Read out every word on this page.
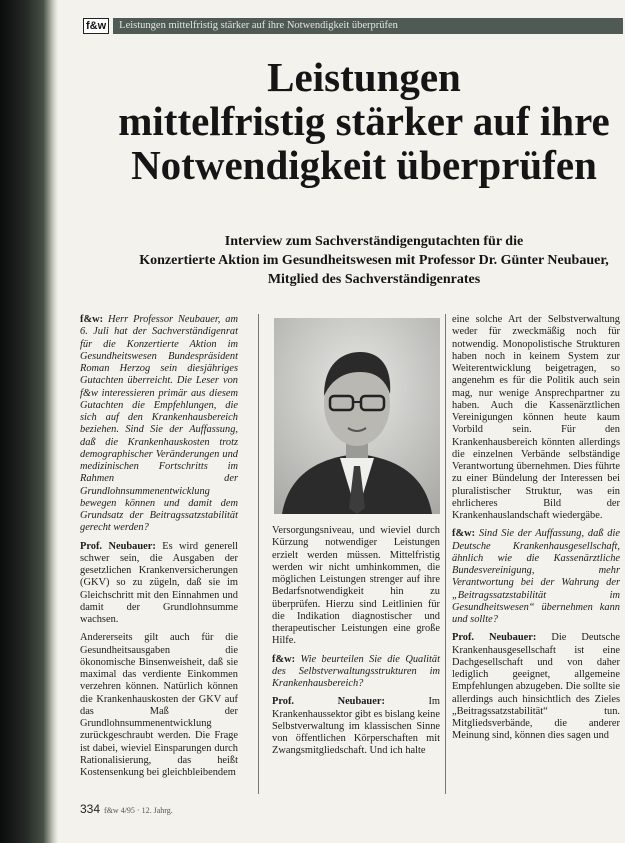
f&w	Leistungen mittelfristig stärker auf ihre Notwendigkeit überprüfen
Leistungen
mittelfristig stärker auf ihre
Notwendigkeit überprüfen
Interview zum Sachverständigengutachten für die
Konzertierte Aktion im Gesundheitswesen mit Professor Dr. Günter Neubauer,
Mitglied des Sachverständigenrates

f&w: Herr Professor Neubauer, am 6. Juli hat der Sachverständigenrat für die Konzertierte Aktion im Gesundheitswesen Bundespräsident Roman Herzog sein diesjähriges Gutachten überreicht. Die Leser von f&w interessieren primär aus diesem Gutachten die Empfehlungen, die sich auf den Krankenhausbereich beziehen. Sind Sie der Auffassung, daß die Krankenhauskosten trotz demographischer Veränderungen und medizinischen Fortschritts im Rahmen der Grundlohnsummenentwicklung bewegen können und damit dem Grundsatz der Beitragssatzstabilität gerecht werden?

Prof. Neubauer: Es wird generell schwer sein, die Ausgaben der gesetzlichen Krankenversicherungen (GKV) so zu zügeln, daß sie im Gleichschritt mit den Einnahmen und damit der Grundlohnsumme wachsen.

Andererseits gilt auch für die Gesundheitsausgaben die ökonomische Binsenweisheit, daß sie maximal das verdiente Einkommen verzehren können. Natürlich können die Krankenhauskosten der GKV auf das Maß der Grundlohnsummenentwicklung zurückgeschraubt werden. Die Frage ist dabei, wieviel Einsparungen durch Rationalisierung, das heißt Kostensenkung bei gleichbleibendem

Versorgungsniveau, und wieviel durch Kürzung notwendiger Leistungen erzielt werden müssen. Mittelfristig werden wir nicht umhinkommen, die möglichen Leistungen strenger auf ihre Bedarfsnotwendigkeit hin zu überprüfen. Hierzu sind Leitlinien für die Indikation diagnostischer und therapeutischer Leistungen eine große Hilfe.

f&w: Wie beurteilen Sie die Qualität des Selbstverwaltungsstrukturen im Krankenhausbereich?

Prof. Neubauer:	Im Krankenhaussektor gibt es bislang keine Selbstverwaltung im klassischen Sinne von öffentlichen Körperschaften mit Zwangsmitgliedschaft. Und ich halte

eine solche Art der Selbstverwaltung weder für zweckmäßig noch für notwendig. Monopolistische Strukturen haben noch in keinem System zur Weiterentwicklung beigetragen, so angenehm es für die Politik auch sein mag, nur wenige Ansprechpartner zu haben. Auch die Kassenärztlichen Vereinigungen können heute kaum Vorbild sein. Für den Krankenhausbereich könnten allerdings die einzelnen Verbände selbständige Verantwortung übernehmen. Dies führte zu einer Bündelung der Interessen bei pluralistischer Struktur, was ein ehrlicheres Bild der Krankenhauslandschaft wiedergäbe.

f&w: Sind Sie der Auffassung, daß die Deutsche Krankenhausgesellschaft, ähnlich wie die Kassenärztliche Bundesvereinigung, mehr Verantwortung bei der Wahrung der „Beitragssatzstabilität im Gesundheitswesen“ übernehmen kann und sollte?

Prof. Neubauer: Die Deutsche Krankenhausgesellschaft ist eine Dachgesellschaft und von daher lediglich geeignet, allgemeine Empfehlungen abzugeben. Die sollte sie allerdings auch hinsichtlich des Zieles „Beitragssatzstabilität“ tun. Mitgliedsverbände, die anderer Meinung sind, können dies sagen und

334 f&w 4/95 · 12. Jahrg.
